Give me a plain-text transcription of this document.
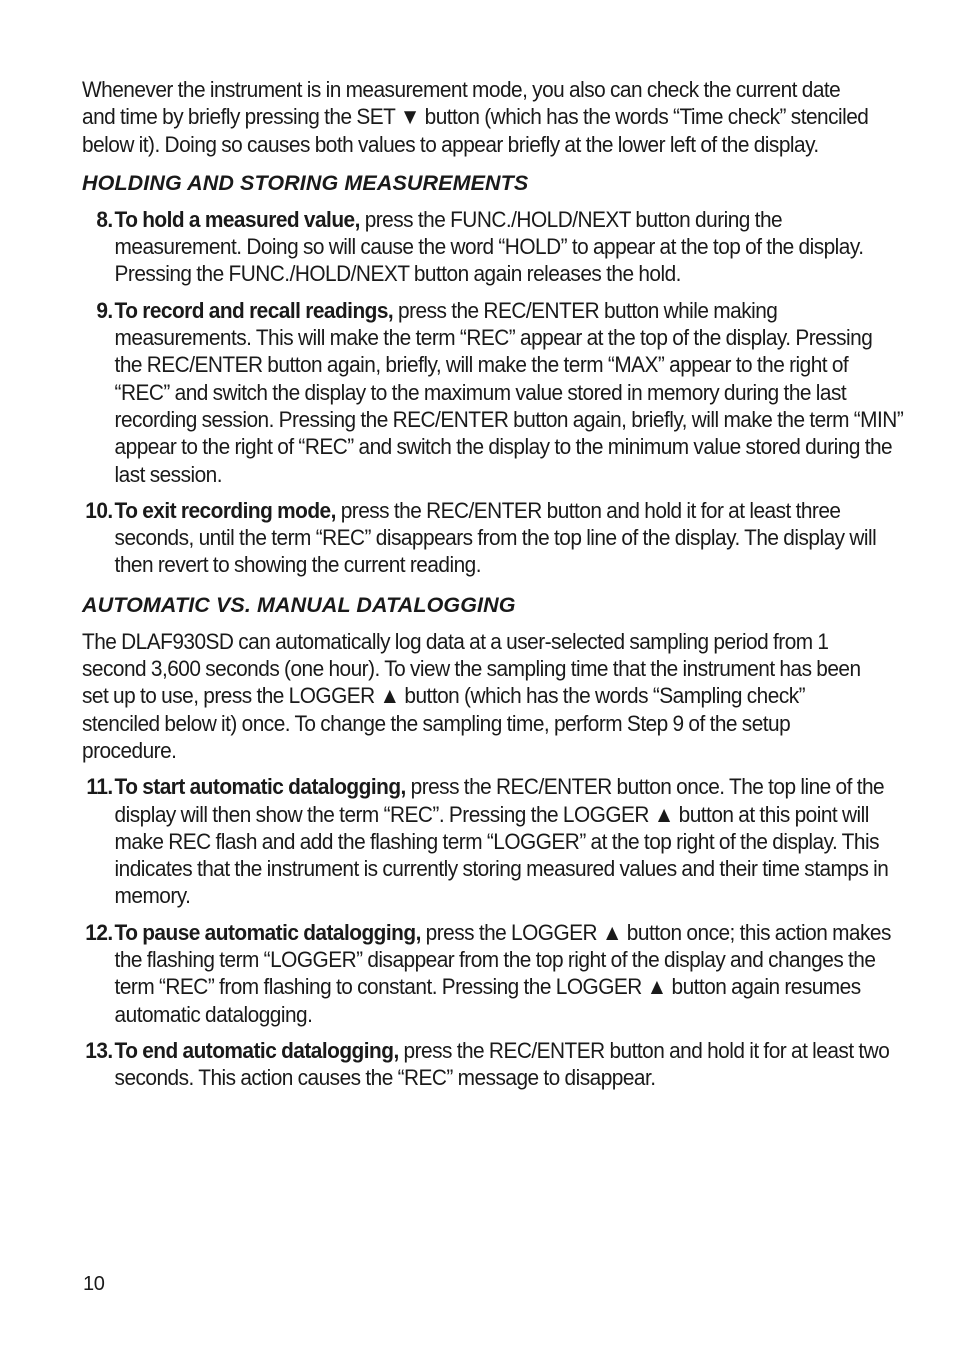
Whenever the instrument is in measurement mode, you also can check the current date and time by briefly pressing the SET ▼ button (which has the words “Time check” stenciled below it). Doing so causes both values to appear briefly at the lower left of the display.

HOLDING AND STORING MEASUREMENTS

8. To hold a measured value, press the FUNC./HOLD/NEXT button during the measurement. Doing so will cause the word “HOLD” to appear at the top of the display. Pressing the FUNC./HOLD/NEXT button again releases the hold.

9. To record and recall readings, press the REC/ENTER button while making measurements. This will make the term “REC” appear at the top of the display. Pressing the REC/ENTER button again, briefly, will make the term “MAX” appear to the right of “REC” and switch the display to the maximum value stored in memory during the last recording session. Pressing the REC/ENTER button again, briefly, will make the term “MIN” appear to the right of “REC” and switch the display to the minimum value stored during the last session.

10. To exit recording mode, press the REC/ENTER button and hold it for at least three seconds, until the term “REC” disappears from the top line of the display. The display will then revert to showing the current reading.

AUTOMATIC VS. MANUAL DATALOGGING

The DLAF930SD can automatically log data at a user-selected sampling period from 1 second 3,600 seconds (one hour). To view the sampling time that the instrument has been set up to use, press the LOGGER ▲ button (which has the words “Sampling check” stenciled below it) once. To change the sampling time, perform Step 9 of the setup procedure.

11. To start automatic datalogging, press the REC/ENTER button once. The top line of the display will then show the term “REC”. Pressing the LOGGER ▲ button at this point will make REC flash and add the flashing term “LOGGER” at the top right of the display. This indicates that the instrument is currently storing measured values and their time stamps in memory.

12. To pause automatic datalogging, press the LOGGER ▲ button once; this action makes the flashing term “LOGGER” disappear from the top right of the display and changes the term “REC” from flashing to constant. Pressing the LOGGER ▲ button again resumes automatic datalogging.

13. To end automatic datalogging, press the REC/ENTER button and hold it for at least two seconds. This action causes the “REC” message to disappear.

10
